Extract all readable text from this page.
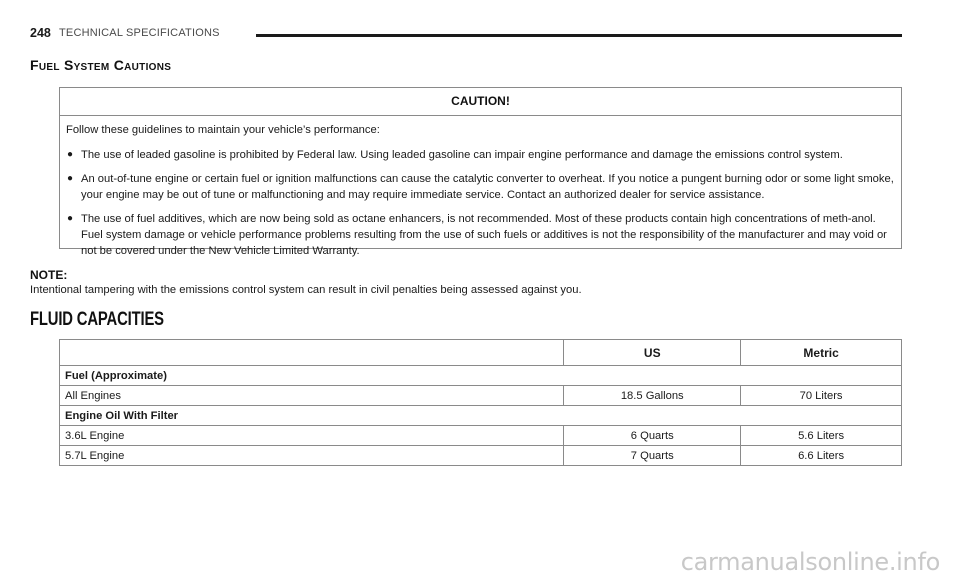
248 TECHNICAL SPECIFICATIONS
Fuel System Cautions
CAUTION!
Follow these guidelines to maintain your vehicle’s performance:
● The use of leaded gasoline is prohibited by Federal law. Using leaded gasoline can impair engine performance and damage the emissions control system.
● An out-of-tune engine or certain fuel or ignition malfunctions can cause the catalytic converter to overheat. If you notice a pungent burning odor or some light smoke, your engine may be out of tune or malfunctioning and may require immediate service. Contact an authorized dealer for service assistance.
● The use of fuel additives, which are now being sold as octane enhancers, is not recommended. Most of these products contain high concentrations of meth-anol. Fuel system damage or vehicle performance problems resulting from the use of such fuels or additives is not the responsibility of the manufacturer and may void or not be covered under the New Vehicle Limited Warranty.
NOTE:
Intentional tampering with the emissions control system can result in civil penalties being assessed against you.
FLUID CAPACITIES
	US	Metric
Fuel (Approximate)		
All Engines	18.5 Gallons	70 Liters
Engine Oil With Filter		
3.6L Engine	6 Quarts	5.6 Liters
5.7L Engine	7 Quarts	6.6 Liters
carmanualsonline.info
